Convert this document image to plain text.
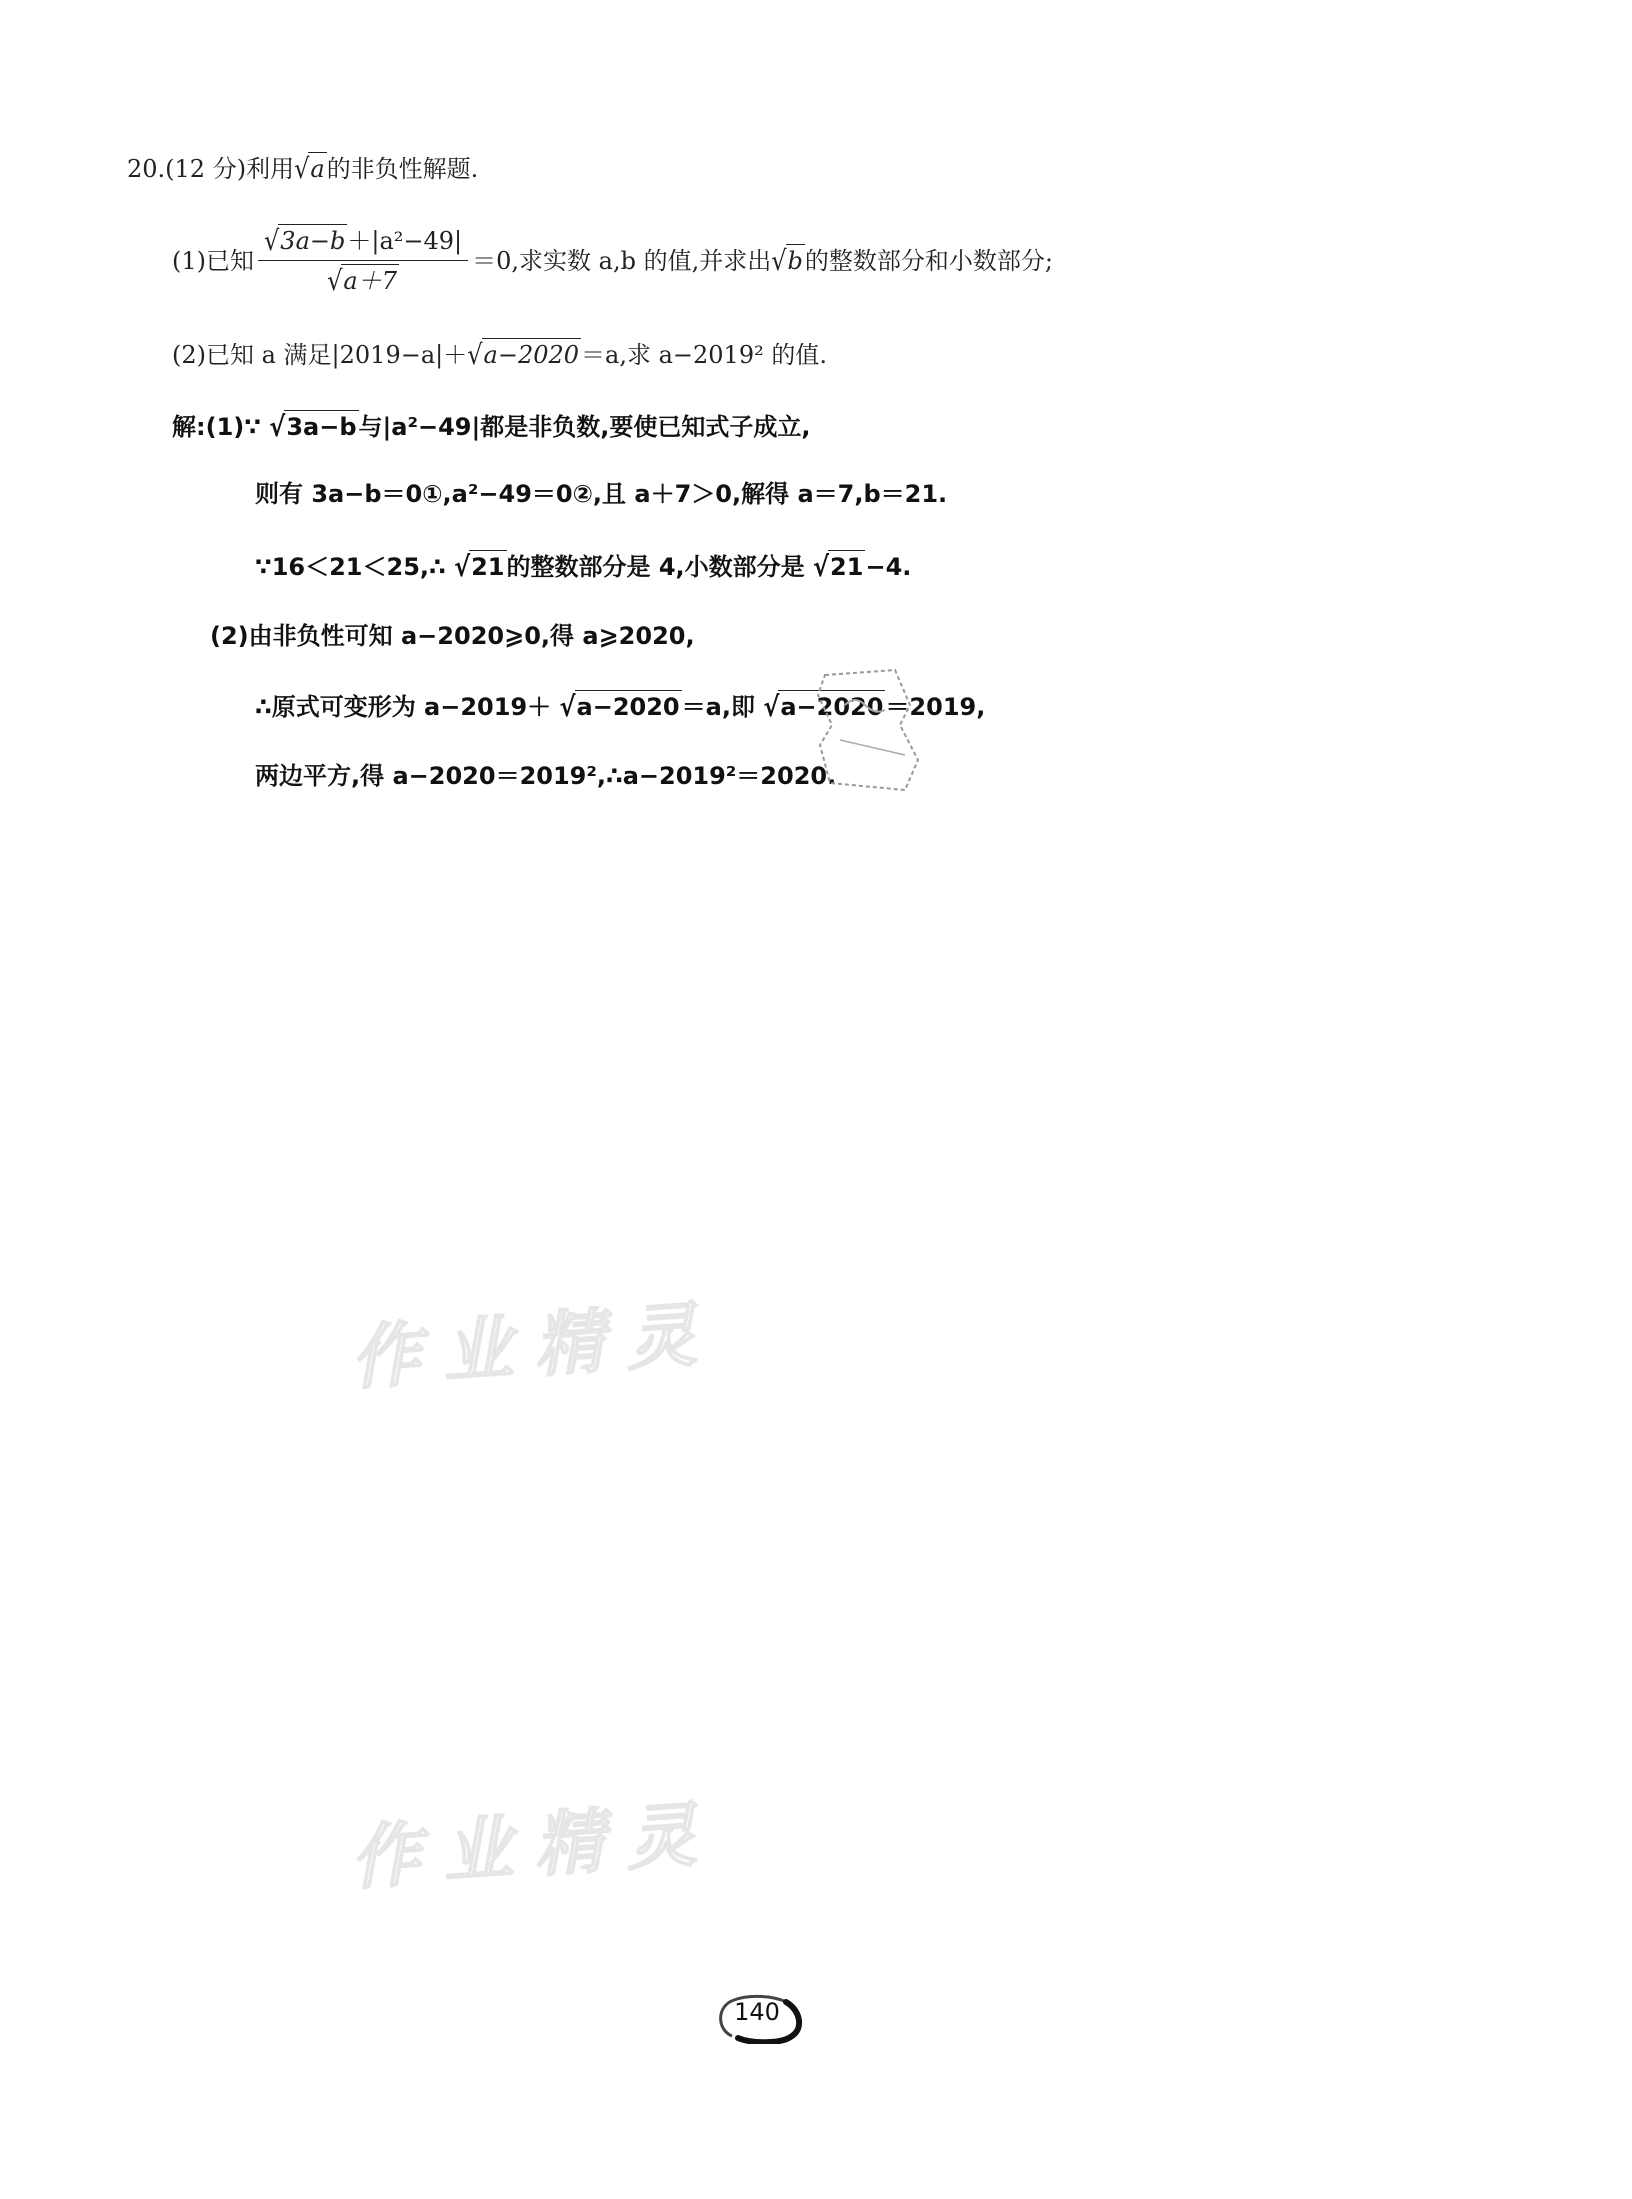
20.(12 分)利用√a的非负性解题.
(1)已知 $\frac{\text{√3a−b＋|a²−49|}}{√a+7} =0$,求实数 a,b 的值,并求出 √ b 的整数部分和小数部分;
(2)已知 a 满足|2019−a|＋√a−2020＝a,求 a−2019² 的值.
解:(1)∵ √3a−b与|a²−49|都是非负数,要使已知式子成立,
则有 3a−b＝0①,a²−49＝0②,且 a＋7＞0,解得 a＝7,b＝21.
∵16＜21＜25,∴ √21的整数部分是 4,小数部分是 √21−4.
(2)由非负性可知 a−2020⩾0,得 a⩾2020,
∴原式可变形为 a−2019＋ √a−2020＝a,即 √a−2020＝2019,
两边平方,得 a−2020＝2019²,∴a−2019²＝2020.
作业精灵
作业精灵
140
